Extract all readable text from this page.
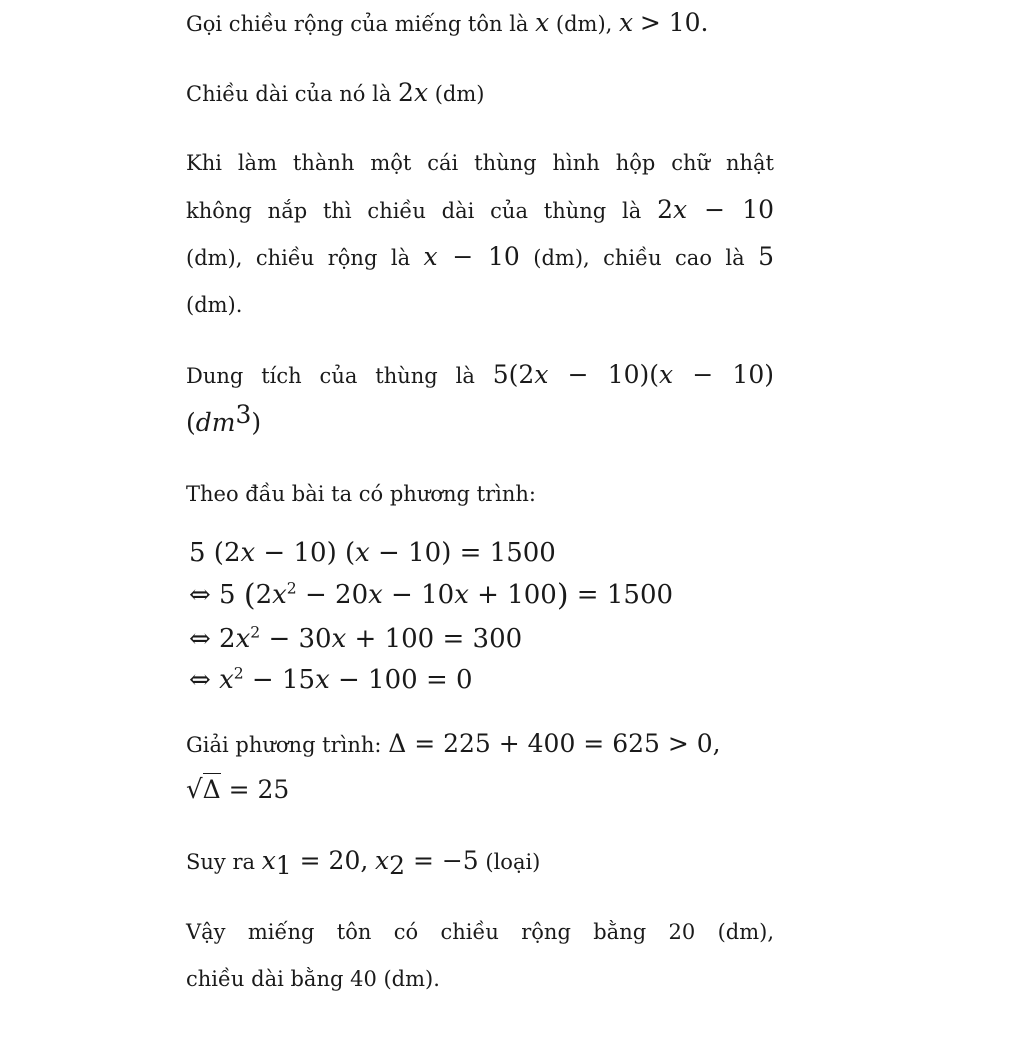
Gọi chiều rộng của miếng tôn là x (dm), x > 10.
Chiều dài của nó là 2x (dm)
Khi làm thành một cái thùng hình hộp chữ nhật
không nắp thì chiều dài của thùng là 2x − 10
(dm), chiều rộng là x − 10 (dm), chiều cao là 5
(dm).
Dung tích của thùng là 5(2x − 10)(x − 10)
$(dm^3)$
Theo đầu bài ta có phương trình:
5 (2x − 10) (x − 10) = 1500
⇔ 5 $(2x^2 - 20x - 10x + 100) = 1500$
⇔ $2x^2 - 30x + 100 = 300$
⇔ $x^2 - 15x - 100 = 0$
Giải phương trình: Δ = 225 + 400 = 625 > 0,
√Δ = 25
Suy ra $x_1 = 20$, $x_2 = -5$ (loại)
Vậy miếng tôn có chiều rộng bằng 20 (dm),
chiều dài bằng 40 (dm).
